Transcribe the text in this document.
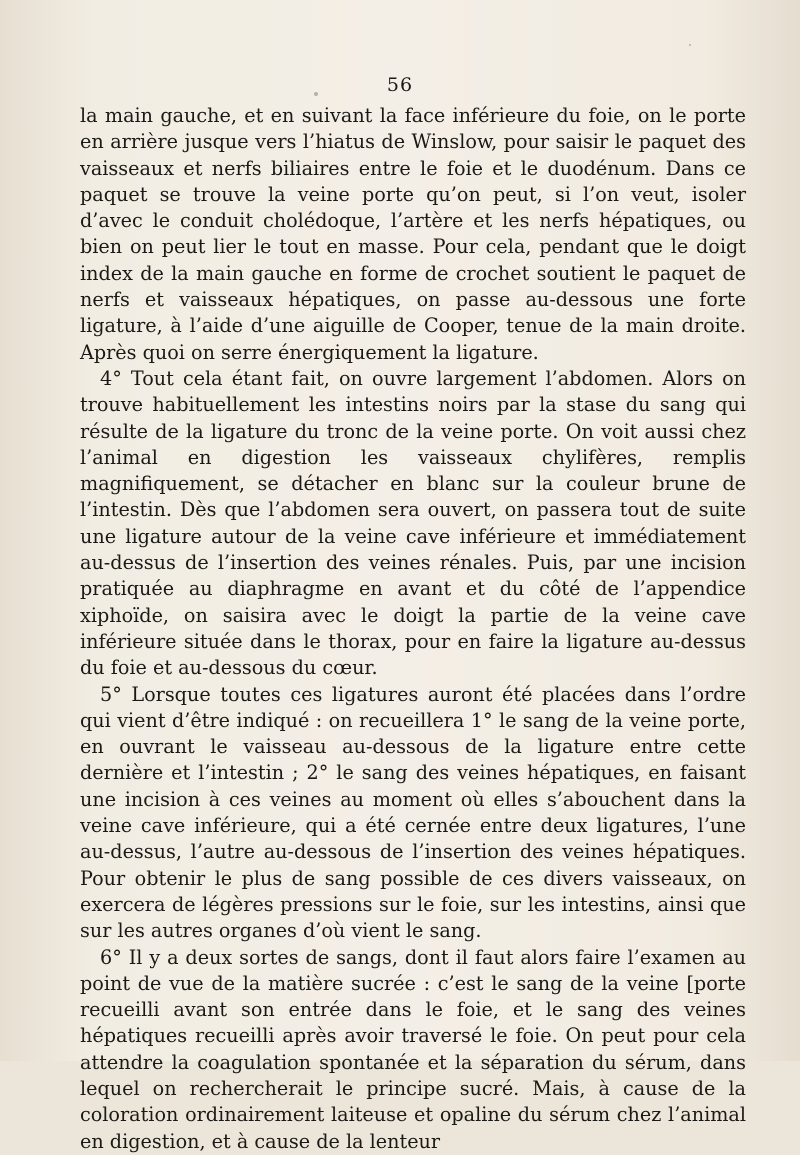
56

la main gauche, et en suivant la face inférieure du foie, on le porte en arrière jusque vers l’hiatus de Winslow, pour saisir le paquet des vaisseaux et nerfs biliaires entre le foie et le duodénum. Dans ce paquet se trouve la veine porte qu’on peut, si l’on veut, isoler d’avec le conduit cholédoque, l’artère et les nerfs hépatiques, ou bien on peut lier le tout en masse. Pour cela, pendant que le doigt index de la main gauche en forme de crochet soutient le paquet de nerfs et vaisseaux hépatiques, on passe au-dessous une forte ligature, à l’aide d’une aiguille de Cooper, tenue de la main droite. Après quoi on serre énergiquement la ligature.

4° Tout cela étant fait, on ouvre largement l’abdomen. Alors on trouve habituellement les intestins noirs par la stase du sang qui résulte de la ligature du tronc de la veine porte. On voit aussi chez l’animal en digestion les vaisseaux chylifères, remplis magnifiquement, se détacher en blanc sur la couleur brune de l’intestin. Dès que l’abdomen sera ouvert, on passera tout de suite une ligature autour de la veine cave inférieure et immédiatement au-dessus de l’insertion des veines rénales. Puis, par une incision pratiquée au diaphragme en avant et du côté de l’appendice xiphoïde, on saisira avec le doigt la partie de la veine cave inférieure située dans le thorax, pour en faire la ligature au-dessus du foie et au-dessous du cœur.

5° Lorsque toutes ces ligatures auront été placées dans l’ordre qui vient d’être indiqué : on recueillera 1° le sang de la veine porte, en ouvrant le vaisseau au-dessous de la ligature entre cette dernière et l’intestin ; 2° le sang des veines hépatiques, en faisant une incision à ces veines au moment où elles s’abouchent dans la veine cave inférieure, qui a été cernée entre deux ligatures, l’une au-dessus, l’autre au-dessous de l’insertion des veines hépatiques. Pour obtenir le plus de sang possible de ces divers vaisseaux, on exercera de légères pressions sur le foie, sur les intestins, ainsi que sur les autres organes d’où vient le sang.

6° Il y a deux sortes de sangs, dont il faut alors faire l’examen au point de vue de la matière sucrée : c’est le sang de la veine [porte recueilli avant son entrée dans le foie, et le sang des veines hépatiques recueilli après avoir traversé le foie. On peut pour cela attendre la coagulation spontanée et la séparation du sérum, dans lequel on rechercherait le principe sucré. Mais, à cause de la coloration ordinairement laiteuse et opaline du sérum chez l’animal en digestion, et à cause de la lenteur
